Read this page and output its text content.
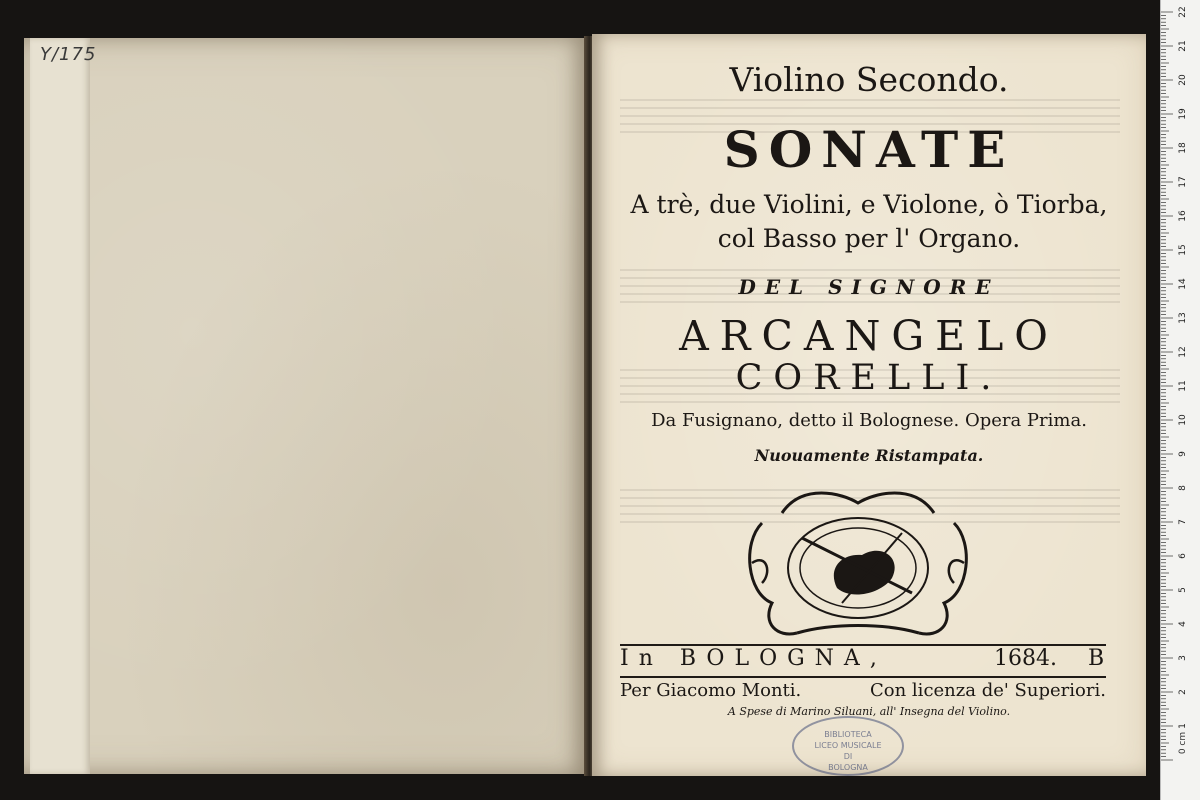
Y/175
Violino Secondo.
SONATE
A trè, due Violini, e Violone, ò Tiorba,
col Basso per l' Organo.
DEL SIGNORE
ARCANGELO
CORELLI.
Da Fusignano, detto il Bolognese. Opera Prima.
Nuouamente Ristampata.
In BOLOGNA,	1684. B
Per Giacomo Monti.	Con licenza de' Superiori.
A Spese di Marino Siluani, all' Insegna del Violino.
BIBLIOTECA
LICEO MUSICALE
DI
BOLOGNA
1
2
3
4
5
6
7
8
9
10
11
12
13
14
15
16
17
18
19
20
21
22
0 cm
